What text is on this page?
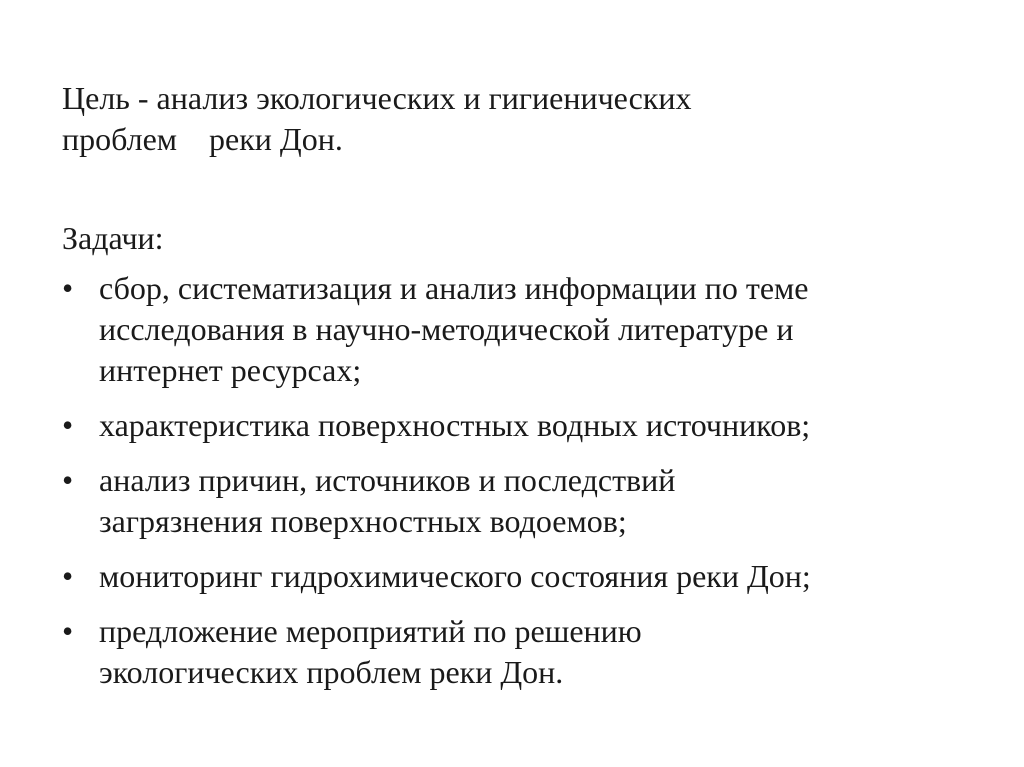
Цель - анализ экологических и гигиенических
проблем    реки Дон.

Задачи:

• сбор, систематизация и анализ информации по теме
исследования в научно-методической литературе и
интернет ресурсах;
• характеристика поверхностных водных источников;
• анализ причин, источников и последствий
загрязнения поверхностных водоемов;
• мониторинг гидрохимического состояния реки Дон;
• предложение мероприятий по решению
экологических проблем реки Дон.
